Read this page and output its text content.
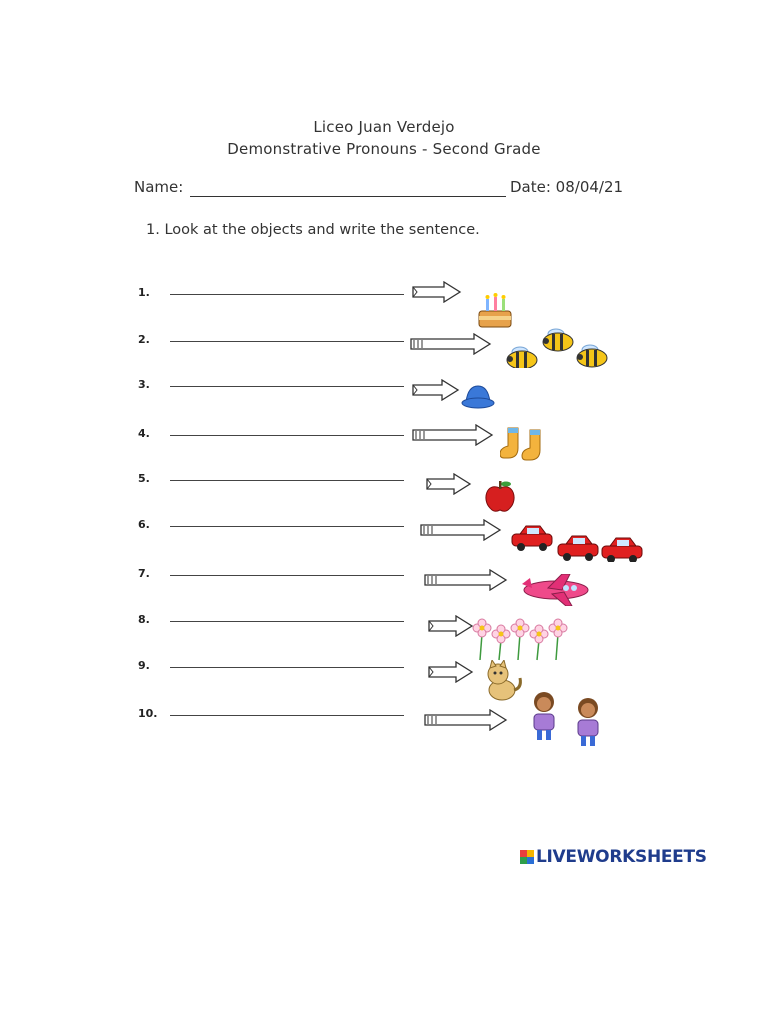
Liceo Juan Verdejo
Demonstrative Pronouns - Second Grade
Name:	Date: 08/04/21
1. Look at the objects and write the sentence.
1.
2.
3.
4.
5.
6.
7.
8.
9.
10.
LIVEWORKSHEETS
